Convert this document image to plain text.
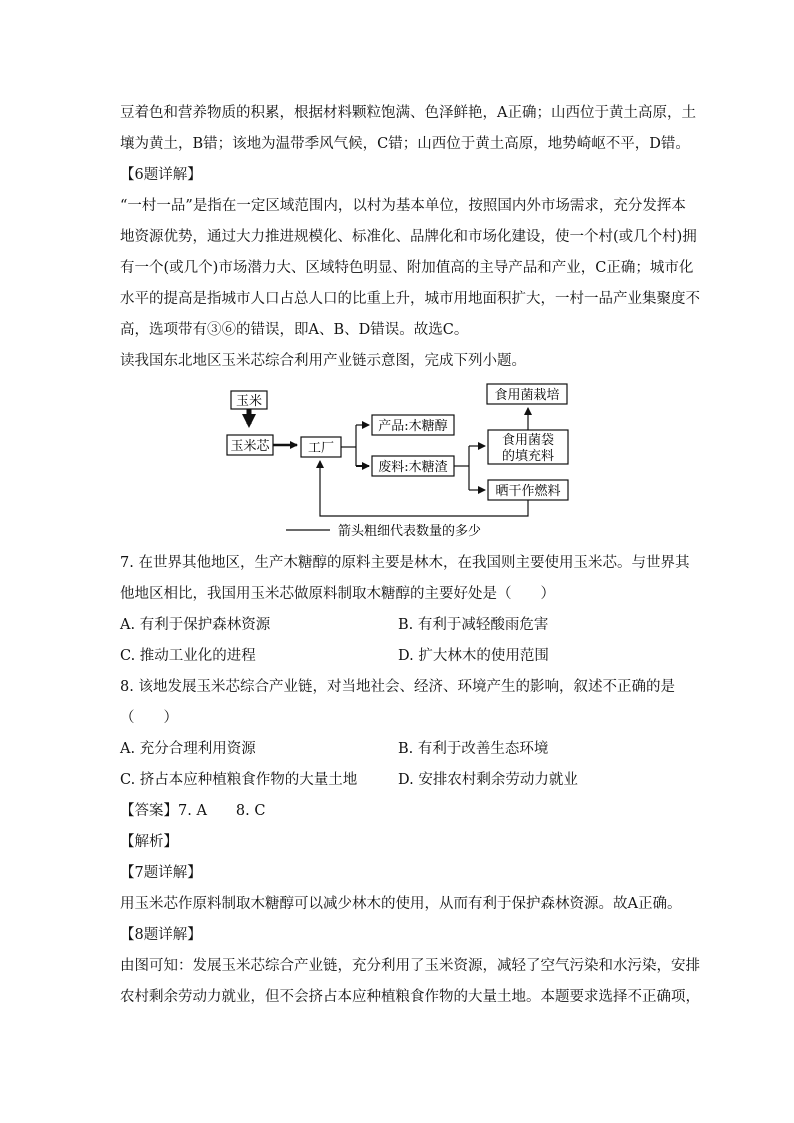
豆着色和营养物质的积累，根据材料颗粒饱满、色泽鲜艳，A正确；山西位于黄土高原，土
壤为黄土，B错；该地为温带季风气候，C错；山西位于黄土高原，地势崎岖不平，D错。
【6题详解】
“一村一品”是指在一定区域范围内，以村为基本单位，按照国内外市场需求，充分发挥本
地资源优势，通过大力推进规模化、标准化、品牌化和市场化建设，使一个村(或几个村)拥
有一个(或几个)市场潜力大、区域特色明显、附加值高的主导产品和产业，C正确；城市化
水平的提高是指城市人口占总人口的比重上升，城市用地面积扩大，一村一品产业集聚度不
高，选项带有③⑥的错误，即A、B、D错误。故选C。
读我国东北地区玉米芯综合利用产业链示意图，完成下列小题。
玉米
玉米芯	工厂
产品:木糖醇
废料:木糖渣
食用菌袋
的填充料
食用菌栽培
晒干作燃料
箭头粗细代表数量的多少
7. 在世界其他地区，生产木糖醇的原料主要是林木，在我国则主要使用玉米芯。与世界其
他地区相比，我国用玉米芯做原料制取木糖醇的主要好处是（　　）
A. 有利于保护森林资源	B. 有利于减轻酸雨危害
C. 推动工业化的进程	D. 扩大林木的使用范围
8. 该地发展玉米芯综合产业链，对当地社会、经济、环境产生的影响，叙述不正确的是
（　　）
A. 充分合理利用资源	B. 有利于改善生态环境
C. 挤占本应种植粮食作物的大量土地	D. 安排农村剩余劳动力就业
【答案】7. A　　8. C
【解析】
【7题详解】
用玉米芯作原料制取木糖醇可以减少林木的使用，从而有利于保护森林资源。故A正确。
【8题详解】
由图可知：发展玉米芯综合产业链，充分利用了玉米资源，减轻了空气污染和水污染，安排
农村剩余劳动力就业，但不会挤占本应种植粮食作物的大量土地。本题要求选择不正确项，
